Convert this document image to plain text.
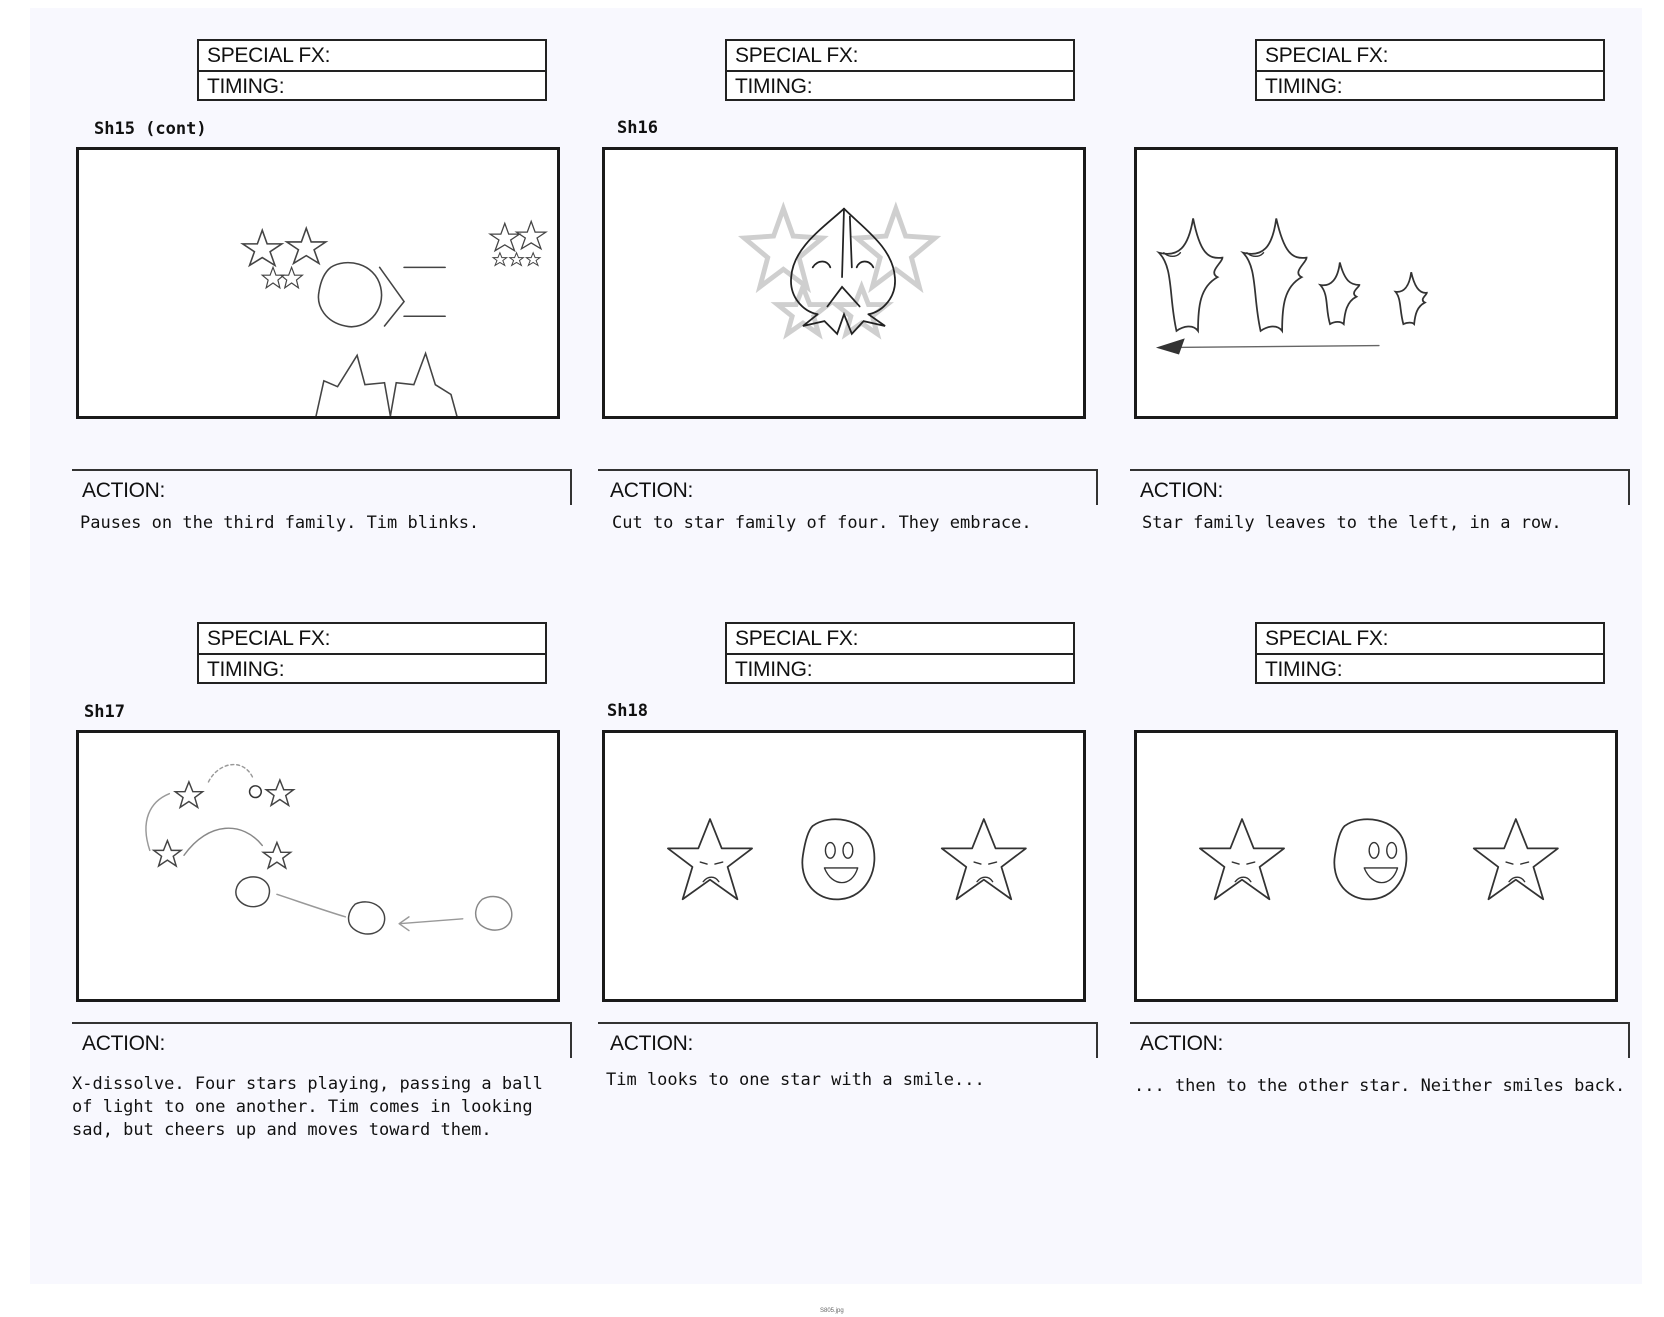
SPECIAL FX:
TIMING:
Sh15 (cont)
ACTION:
Pauses on the third family. Tim blinks.
SPECIAL FX:
TIMING:
Sh16
ACTION:
Cut to star family of four. They embrace.
SPECIAL FX:
TIMING:
ACTION:
Star family leaves to the left, in a row.
SPECIAL FX:
TIMING:
Sh17
ACTION:
X-dissolve. Four stars playing, passing a ball
of light to one another. Tim comes in looking
sad, but cheers up and moves toward them.
SPECIAL FX:
TIMING:
Sh18
ACTION:
Tim looks to one star with a smile...
SPECIAL FX:
TIMING:
ACTION:
... then to the other star. Neither smiles back.
S805.jpg
